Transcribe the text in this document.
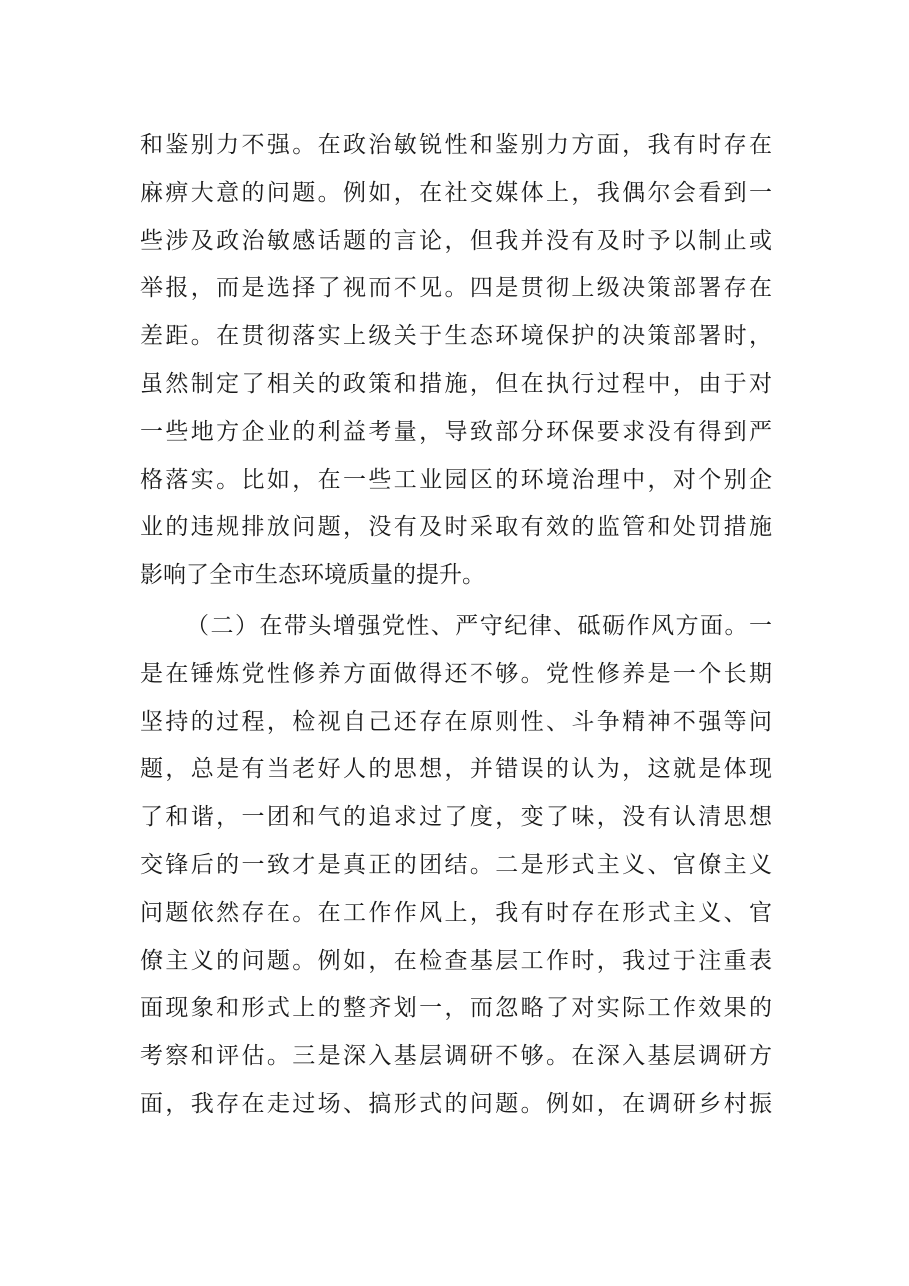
和鉴别力不强。在政治敏锐性和鉴别力方面，我有时存在
麻痹大意的问题。例如，在社交媒体上，我偶尔会看到一
些涉及政治敏感话题的言论，但我并没有及时予以制止或
举报，而是选择了视而不见。四是贯彻上级决策部署存在
差距。在贯彻落实上级关于生态环境保护的决策部署时，
虽然制定了相关的政策和措施，但在执行过程中，由于对
一些地方企业的利益考量，导致部分环保要求没有得到严
格落实。比如，在一些工业园区的环境治理中，对个别企
业的违规排放问题，没有及时采取有效的监管和处罚措施
影响了全市生态环境质量的提升。

（二）在带头增强党性、严守纪律、砥砺作风方面。一
是在锤炼党性修养方面做得还不够。党性修养是一个长期
坚持的过程，检视自己还存在原则性、斗争精神不强等问
题，总是有当老好人的思想，并错误的认为，这就是体现
了和谐，一团和气的追求过了度，变了味，没有认清思想
交锋后的一致才是真正的团结。二是形式主义、官僚主义
问题依然存在。在工作作风上，我有时存在形式主义、官
僚主义的问题。例如，在检查基层工作时，我过于注重表
面现象和形式上的整齐划一，而忽略了对实际工作效果的
考察和评估。三是深入基层调研不够。在深入基层调研方
面，我存在走过场、搞形式的问题。例如，在调研乡村振
